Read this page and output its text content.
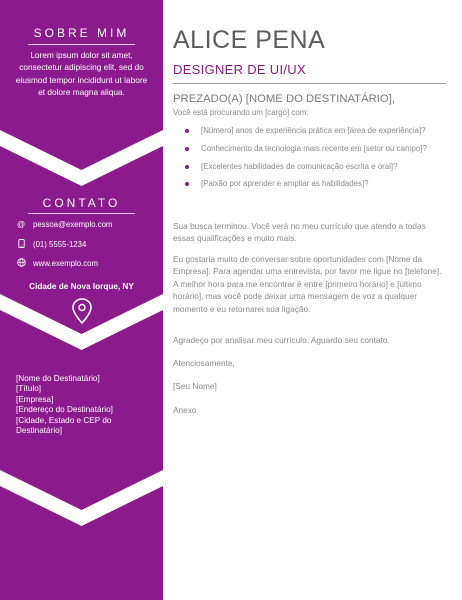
SOBRE MIM
Lorem ipsum dolor sit amet, consectetur adipiscing elit, sed do eiusmod tempor incididunt ut labore et dolore magna aliqua.
CONTATO
@ pessoa@exemplo.com
(01) 5555-1234
www.exemplo.com
Cidade de Nova Iorque, NY
[Nome do Destinatário]
[Título]
[Empresa]
[Endereço do Destinatário]
[Cidade, Estado e CEP do Destinatário]
ALICE PENA
DESIGNER DE UI/UX
PREZADO(A) [NOME DO DESTINATÁRIO],
Você está procurando um [cargo] com:
[Número] anos de experiência prática em [área de experiência]?
Conhecimento da tecnologia mais recente em [setor ou campo]?
[Excelentes habilidades de comunicação escrita e oral]?
[Paixão por aprender e ampliar as habilidades]?
Sua busca terminou. Você verá no meu currículo que atendo a todas essas qualificações e muito mais.
Eu gostaria muito de conversar sobre oportunidades com [Nome da Empresa]. Para agendar uma entrevista, por favor me ligue no [telefone]. A melhor hora para me encontrar é entre [primeiro horário] e [último horário], mas você pode deixar uma mensagem de voz a qualquer momento e eu retornarei sua ligação.
Agradeço por analisar meu currículo. Aguardo seu contato.
Atenciosamente,
[Seu Nome]
Anexo
